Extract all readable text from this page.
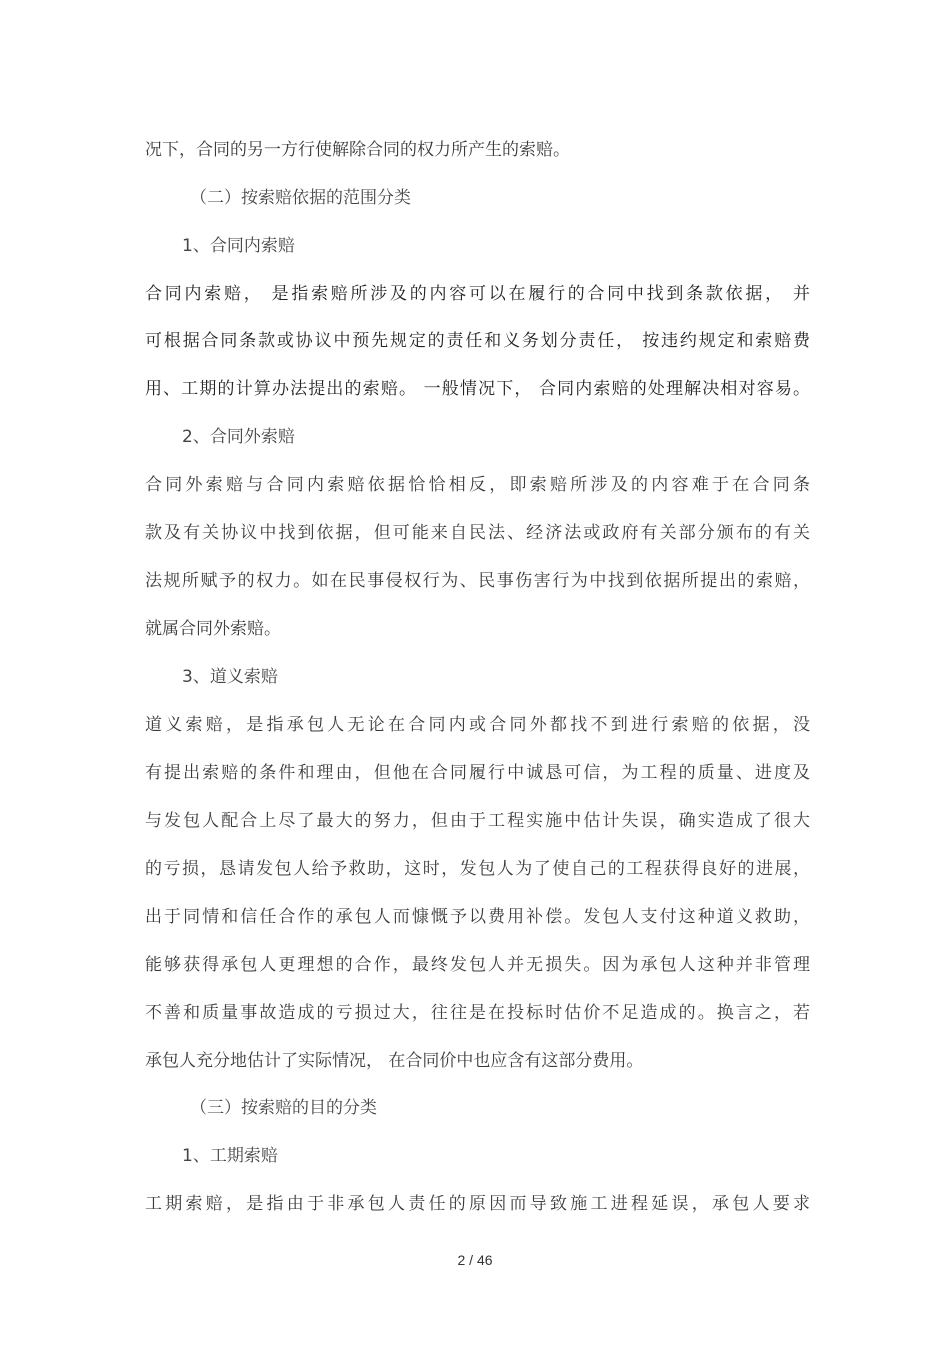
况下，合同的另一方行使解除合同的权力所产生的索赔。
（二）按索赔依据的范围分类
1、合同内索赔
合同内索赔， 是指索赔所涉及的内容可以在履行的合同中找到条款依据， 并
可根据合同条款或协议中预先规定的责任和义务划分责任， 按违约规定和索赔费
用、工期的计算办法提出的索赔。 一般情况下， 合同内索赔的处理解决相对容易。
2、合同外索赔
合同外索赔与合同内索赔依据恰恰相反，即索赔所涉及的内容难于在合同条
款及有关协议中找到依据，但可能来自民法、经济法或政府有关部分颁布的有关
法规所赋予的权力。如在民事侵权行为、民事伤害行为中找到依据所提出的索赔，
就属合同外索赔。
3、道义索赔
道义索赔，是指承包人无论在合同内或合同外都找不到进行索赔的依据，没
有提出索赔的条件和理由，但他在合同履行中诚恳可信，为工程的质量、进度及
与发包人配合上尽了最大的努力，但由于工程实施中估计失误，确实造成了很大
的亏损，恳请发包人给予救助，这时，发包人为了使自己的工程获得良好的进展，
出于同情和信任合作的承包人而慷慨予以费用补偿。发包人支付这种道义救助，
能够获得承包人更理想的合作，最终发包人并无损失。因为承包人这种并非管理
不善和质量事故造成的亏损过大，往往是在投标时估价不足造成的。换言之，若
承包人充分地估计了实际情况， 在合同价中也应含有这部分费用。
（三）按索赔的目的分类
1、工期索赔
工期索赔，是指由于非承包人责任的原因而导致施工进程延误，承包人要求
2 / 46
